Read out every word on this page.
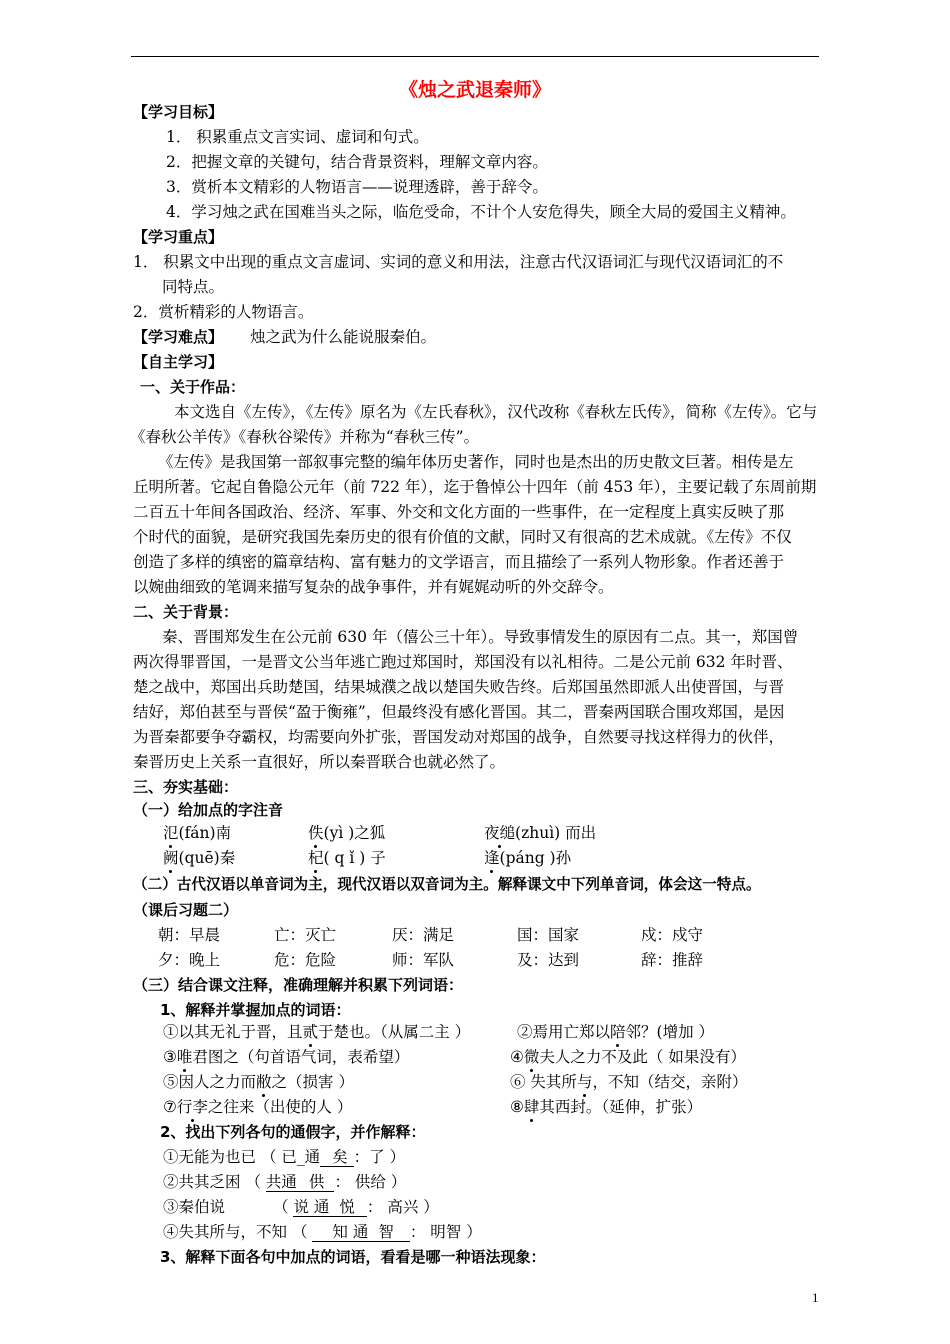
《烛之武退秦师》
【学习目标】
1． 积累重点文言实词、虚词和句式。
2．把握文章的关键句，结合背景资料，理解文章内容。
3．赏析本文精彩的人物语言——说理透辟，善于辞令。
4．学习烛之武在国难当头之际，临危受命，不计个人安危得失，顾全大局的爱国主义精神。
【学习重点】
1． 积累文中出现的重点文言虚词、实词的意义和用法，注意古代汉语词汇与现代汉语词汇的不
同特点。
2．赏析精彩的人物语言。
【学习难点】 烛之武为什么能说服秦伯。
【自主学习】
一、关于作品：
本文选自《左传》，《左传》原名为《左氏春秋》，汉代改称《春秋左氏传》，简称《左传》。它与
《春秋公羊传》《春秋谷梁传》并称为“春秋三传”。
《左传》是我国第一部叙事完整的编年体历史著作，同时也是杰出的历史散文巨著。相传是左
丘明所著。它起自鲁隐公元年（前 722 年），迄于鲁悼公十四年（前 453 年），主要记载了东周前期
二百五十年间各国政治、经济、军事、外交和文化方面的一些事件，在一定程度上真实反映了那
个时代的面貌，是研究我国先秦历史的很有价值的文献，同时又有很高的艺术成就。《左传》不仅
创造了多样的缜密的篇章结构、富有魅力的文学语言，而且描绘了一系列人物形象。作者还善于
以婉曲细致的笔调来描写复杂的战争事件，并有娓娓动听的外交辞令。
二、关于背景：
秦、晋围郑发生在公元前 630 年（僖公三十年）。导致事情发生的原因有二点。其一，郑国曾
两次得罪晋国，一是晋文公当年逃亡跑过郑国时，郑国没有以礼相待。二是公元前 632 年时晋、
楚之战中，郑国出兵助楚国，结果城濮之战以楚国失败告终。后郑国虽然即派人出使晋国，与晋
结好，郑伯甚至与晋侯“盈于衡雍”，但最终没有感化晋国。其二，晋秦两国联合围攻郑国，是因
为晋秦都要争夺霸权，均需要向外扩张，晋国发动对郑国的战争，自然要寻找这样得力的伙伴，
秦晋历史上关系一直很好，所以秦晋联合也就必然了。
三、夯实基础：
（一）给加点的字注音
氾(fán)南	佚(yì )之狐	夜缒(zhuì) 而出
阙(quē)秦	杞( q ǐ ) 子	逢(páng )孙
（二）古代汉语以单音词为主，现代汉语以双音词为主。解释课文中下列单音词，体会这一特点。
（课后习题二）
朝：早晨	亡：灭亡	厌：满足	国：国家	戍：戍守
夕：晚上	危：危险	师：军队	及：达到	辞：推辞
（三）结合课文注释，准确理解并积累下列词语：
1、解释并掌握加点的词语：
①以其无礼于晋，且贰于楚也。（从属二主 ）	②焉用亡郑以陪邻？(增加 ）
③唯君图之（句首语气词，表希望）	④微夫人之力不及此（ 如果没有）
⑤因人之力而敝之（损害 ）	⑥ 失其所与，不知（结交，亲附）
⑦行李之往来（出使的人 ）	⑧肆其西封。（延伸，扩张）
2、找出下列各句的通假字，并作解释：
①无能为也已 （ 已_通 矣 ：了 ）
②共其乏困 （ 共通 供 ： 供给 ）
③秦伯说	（ 说 通 悦 ： 高兴 ）
④失其所与，不知 （ 知 通 智 ： 明智 ）
3、解释下面各句中加点的词语，看看是哪一种语法现象：
1
